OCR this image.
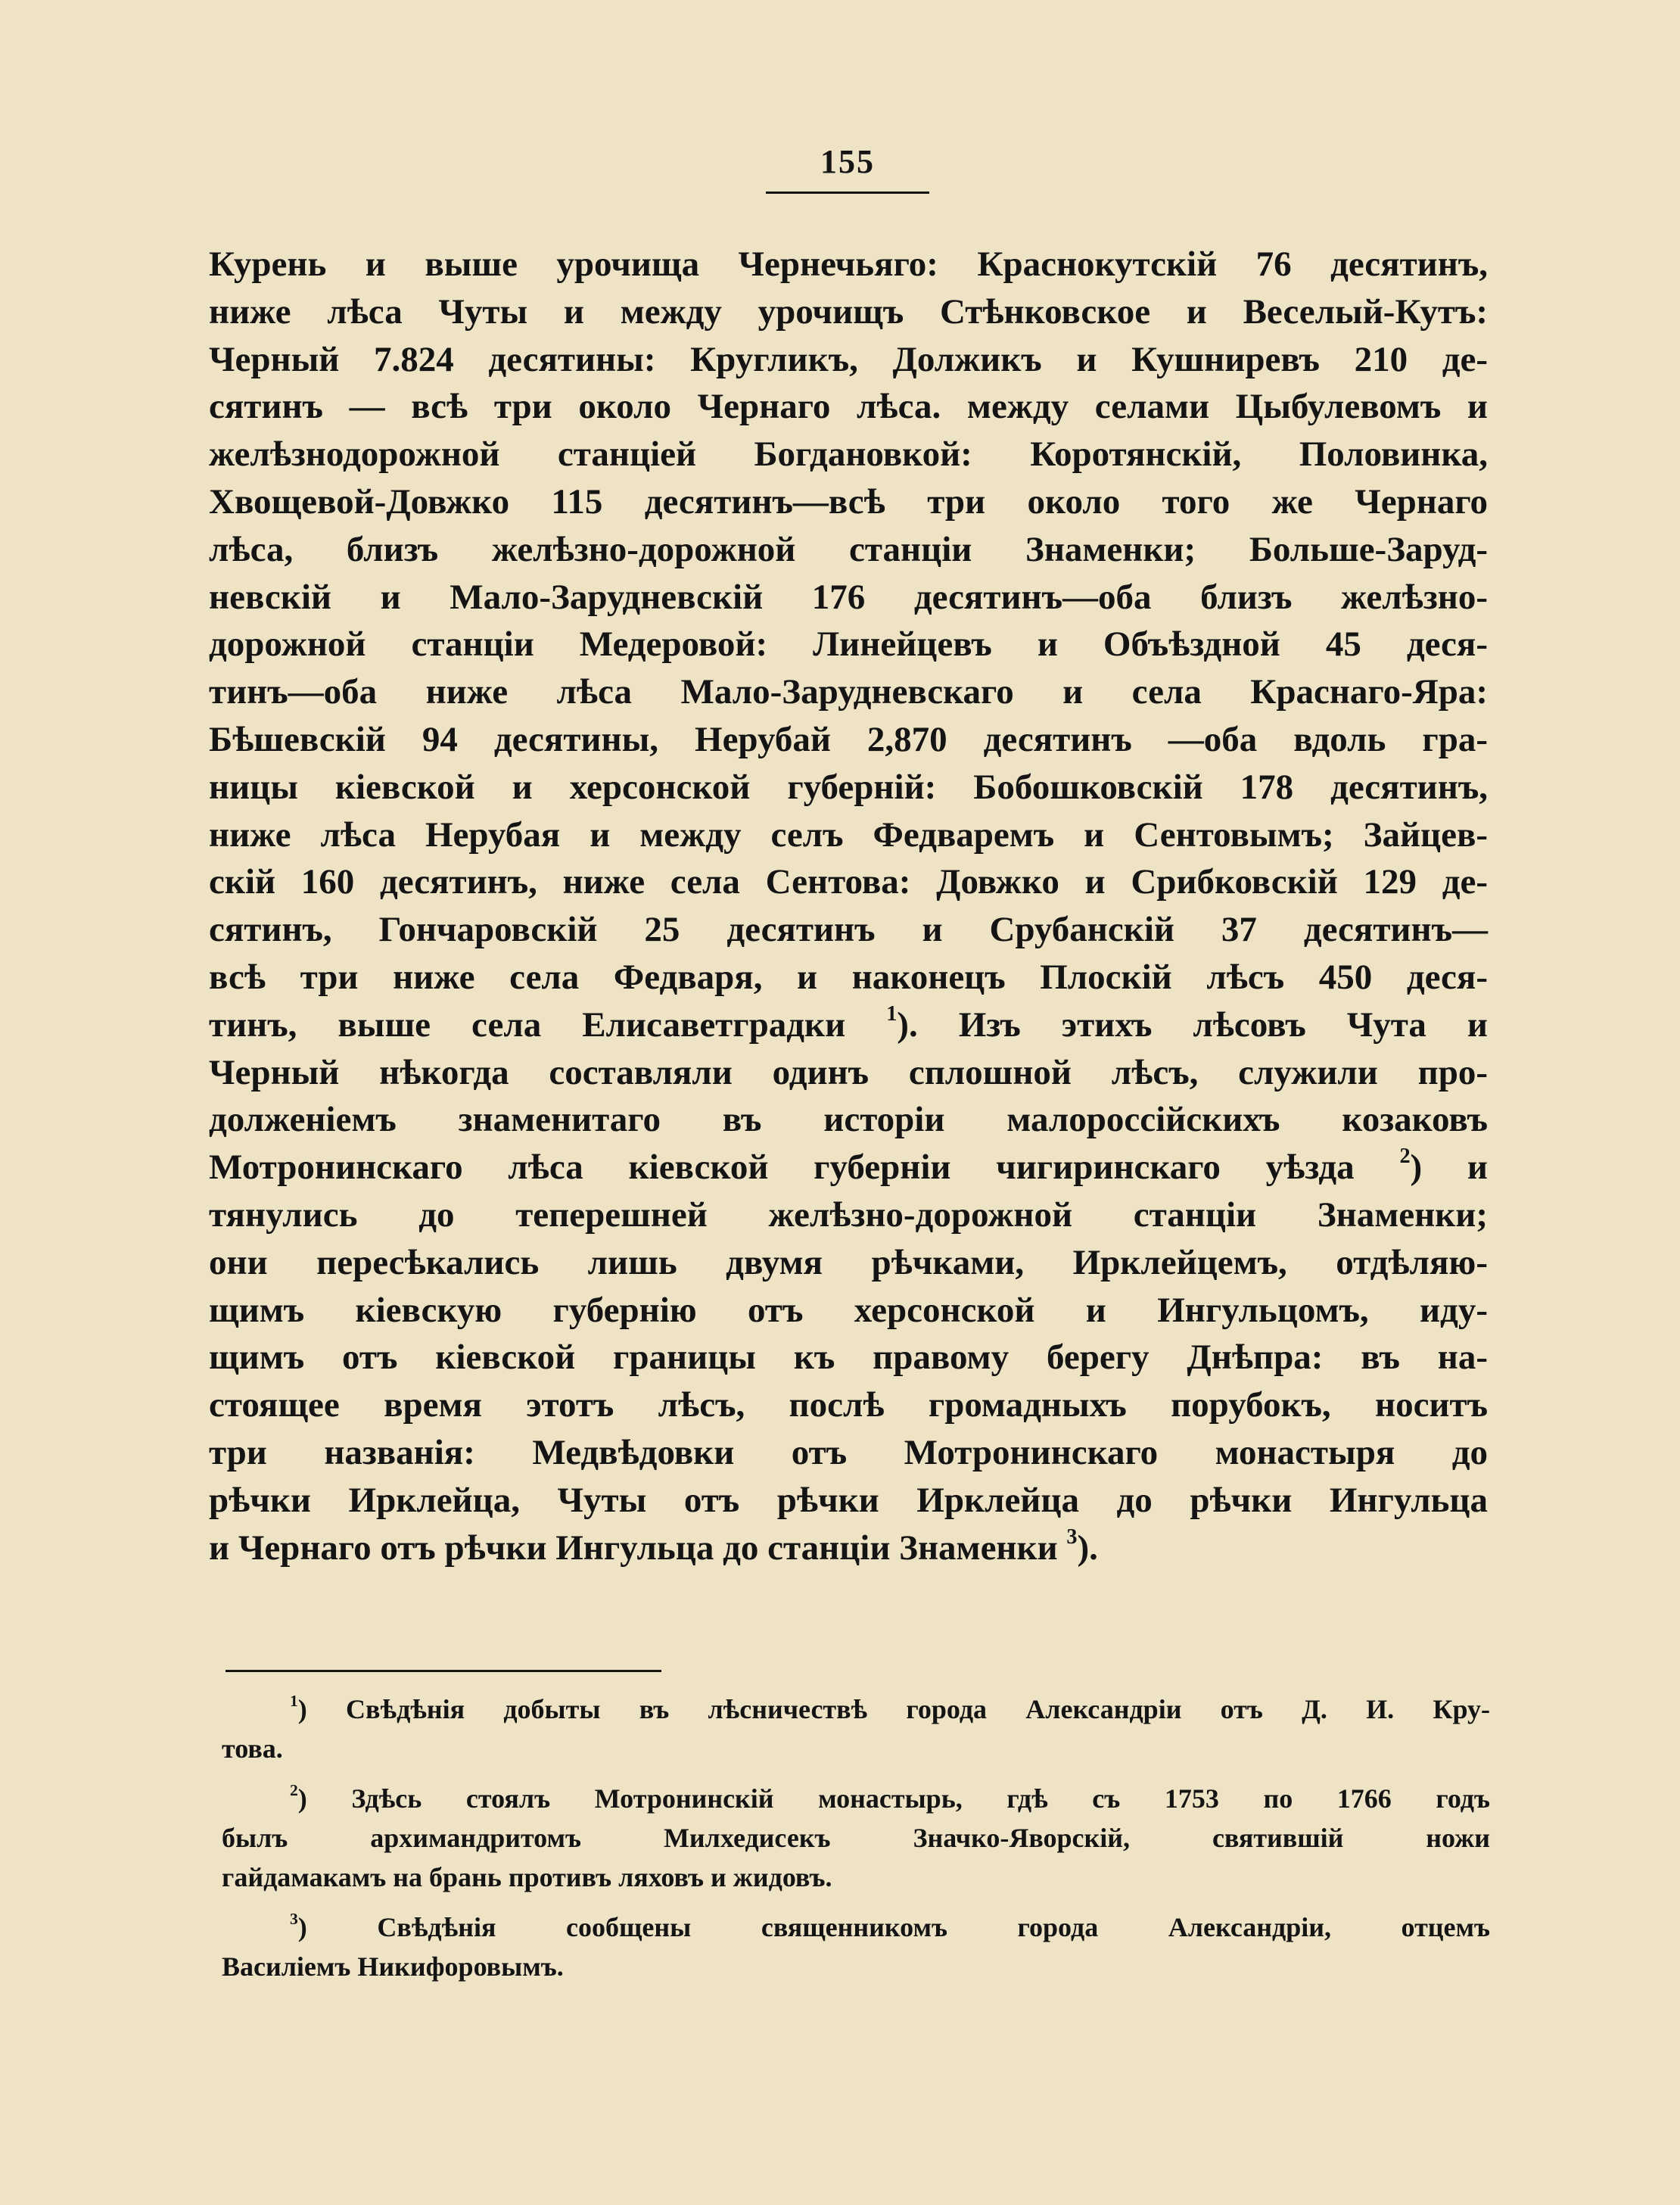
155
Курень и выше урочища Чернечьяго: Краснокутскій 76 десятинъ,
ниже лѣса Чуты и между урочищъ Стѣнковское и Веселый-Кутъ:
Черный 7.824 десятины: Кругликъ, Должикъ и Кушниревъ 210 де-
сятинъ — всѣ три около Чернаго лѣса. между селами Цыбулевомъ и
желѣзнодорожной станціей Богдановкой: Коротянскій, Половинка,
Хвощевой-Довжко 115 десятинъ—всѣ три около того же Чернаго
лѣса, близъ желѣзно-дорожной станціи Знаменки; Больше-Заруд-
невскій и Мало-Зарудневскій 176 десятинъ—оба близъ желѣзно-
дорожной станціи Медеровой: Линейцевъ и Объѣздной 45 деся-
тинъ—оба ниже лѣса Мало-Зарудневскаго и села Краснаго-Яра:
Бѣшевскій 94 десятины, Нерубай 2,870 десятинъ —оба вдоль гра-
ницы кіевской и херсонской губерній: Бобошковскій 178 десятинъ,
ниже лѣса Нерубая и между селъ Федваремъ и Сентовымъ; Зайцев-
скій 160 десятинъ, ниже села Сентова: Довжко и Срибковскій 129 де-
сятинъ, Гончаровскій 25 десятинъ и Срубанскій 37 десятинъ—
всѣ три ниже села Федваря, и наконецъ Плоскій лѣсъ 450 деся-
тинъ, выше села Елисаветградки $^1$). Изъ этихъ лѣсовъ Чута и
Черный нѣкогда составляли одинъ сплошной лѣсъ, служили про-
долженіемъ знаменитаго въ исторіи малороссійскихъ козаковъ
Мотронинскаго лѣса кіевской губерніи чигиринскаго уѣзда $^2$) и
тянулись до теперешней желѣзно-дорожной станціи Знаменки;
они пересѣкались лишь двумя рѣчками, Ирклейцемъ, отдѣляю-
щимъ кіевскую губернію отъ херсонской и Ингульцомъ, иду-
щимъ отъ кіевской границы къ правому берегу Днѣпра: въ на-
стоящее время этотъ лѣсъ, послѣ громадныхъ порубокъ, носитъ
три названія: Медвѣдовки отъ Мотронинскаго монастыря до
рѣчки Ирклейца, Чуты отъ рѣчки Ирклейца до рѣчки Ингульца
и Чернаго отъ рѣчки Ингульца до станціи Знаменки $^3$).
$^1$) Свѣдѣнія добыты въ лѣсничествѣ города Александріи отъ Д. И. Кру-
това.
$^2$) Здѣсь стоялъ Мотронинскій монастырь, гдѣ съ 1753 по 1766 годъ
былъ архимандритомъ Милхедисекъ Значко-Яворскій, святившій ножи
гайдамакамъ на брань противъ ляховъ и жидовъ.
$^3$) Свѣдѣнія сообщены священникомъ города Александріи, отцемъ
Василіемъ Никифоровымъ.
